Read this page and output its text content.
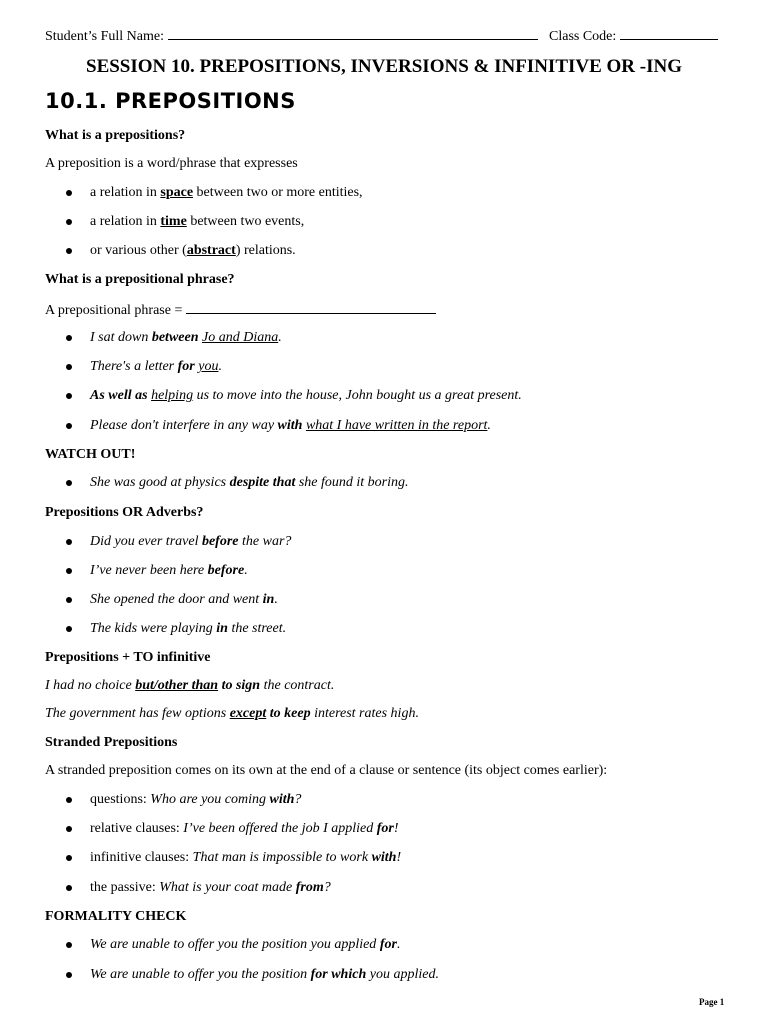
Student’s Full Name:	Class Code:
SESSION 10. PREPOSITIONS, INVERSIONS & INFINITIVE OR -ING
10.1. PREPOSITIONS
What is a prepositions?
A preposition is a word/phrase that expresses
a relation in space between two or more entities,
a relation in time between two events,
or various other (abstract) relations.
What is a prepositional phrase?
A prepositional phrase =
I sat down between Jo and Diana.
There's a letter for you.
As well as helping us to move into the house, John bought us a great present.
Please don't interfere in any way with what I have written in the report.
WATCH OUT!
She was good at physics despite that she found it boring.
Prepositions OR Adverbs?
Did you ever travel before the war?
I’ve never been here before.
She opened the door and went in.
The kids were playing in the street.
Prepositions + TO infinitive
I had no choice but/other than to sign the contract.
The government has few options except to keep interest rates high.
Stranded Prepositions
A stranded preposition comes on its own at the end of a clause or sentence (its object comes earlier):
questions: Who are you coming with?
relative clauses: I’ve been offered the job I applied for!
infinitive clauses: That man is impossible to work with!
the passive: What is your coat made from?
FORMALITY CHECK
We are unable to offer you the position you applied for.
We are unable to offer you the position for which you applied.
Page 1
